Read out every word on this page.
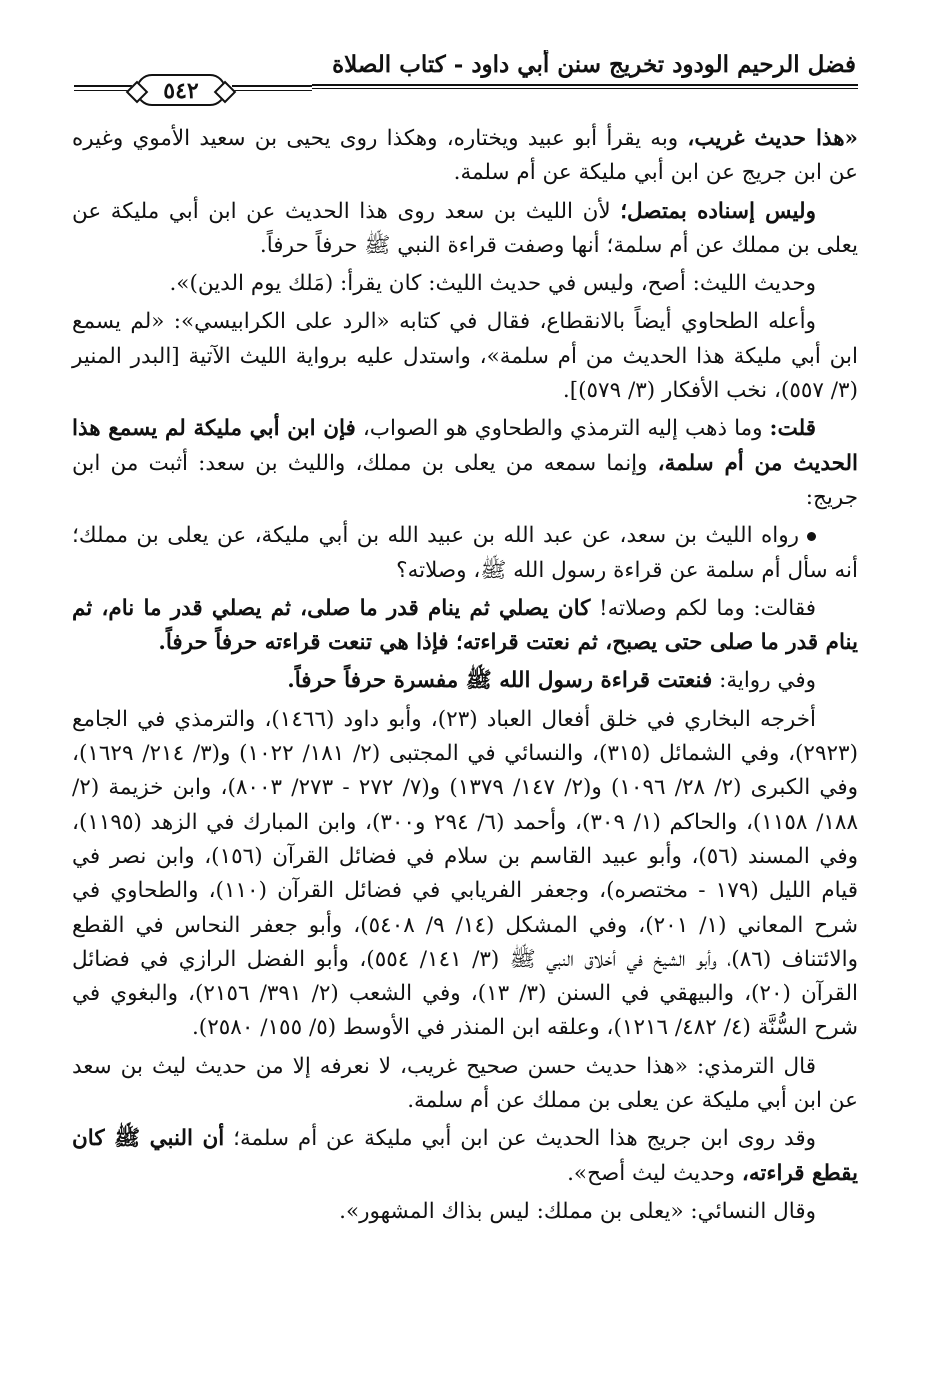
فضل الرحيم الودود تخريج سنن أبي داود - كتاب الصلاة
٥٤٢

«هذا حديث غريب، وبه يقرأ أبو عبيد ويختاره، وهكذا روى يحيى بن سعيد الأموي وغيره عن ابن جريج عن ابن أبي مليكة عن أم سلمة.

وليس إسناده بمتصل؛ لأن الليث بن سعد روى هذا الحديث عن ابن أبي مليكة عن يعلى بن مملك عن أم سلمة؛ أنها وصفت قراءة النبي ﷺ حرفاً حرفاً.

وحديث الليث: أصح، وليس في حديث الليث: كان يقرأ: (مَلك يوم الدين)».

وأعله الطحاوي أيضاً بالانقطاع، فقال في كتابه «الرد على الكرابيسي»: «لم يسمع ابن أبي مليكة هذا الحديث من أم سلمة»، واستدل عليه برواية الليث الآتية [البدر المنير (٣/ ٥٥٧)، نخب الأفكار (٣/ ٥٧٩)].

قلت: وما ذهب إليه الترمذي والطحاوي هو الصواب، فإن ابن أبي مليكة لم يسمع هذا الحديث من أم سلمة، وإنما سمعه من يعلى بن مملك، والليث بن سعد: أثبت من ابن جريج:

رواه الليث بن سعد، عن عبد الله بن عبيد الله بن أبي مليكة، عن يعلى بن مملك؛ أنه سأل أم سلمة عن قراءة رسول الله ﷺ، وصلاته؟

فقالت: وما لكم وصلاته! كان يصلي ثم ينام قدر ما صلى، ثم يصلي قدر ما نام، ثم ينام قدر ما صلى حتى يصبح، ثم نعتت قراءته؛ فإذا هي تنعت قراءته حرفاً حرفاً.

وفي رواية: فنعتت قراءة رسول الله ﷺ مفسرة حرفاً حرفاً.

أخرجه البخاري في خلق أفعال العباد (٢٣)، وأبو داود (١٤٦٦)، والترمذي في الجامع (٢٩٢٣)، وفي الشمائل (٣١٥)، والنسائي في المجتبى (٢/ ١٨١/ ١٠٢٢) و(٣/ ٢١٤/ ١٦٢٩)، وفي الكبرى (٢/ ٢٨/ ١٠٩٦) و(٢/ ١٤٧/ ١٣٧٩) و(٧/ ٢٧٢ - ٢٧٣/ ٨٠٠٣)، وابن خزيمة (٢/ ١٨٨/ ١١٥٨)، والحاكم (١/ ٣٠٩)، وأحمد (٦/ ٢٩٤ و٣٠٠)، وابن المبارك في الزهد (١١٩٥)، وفي المسند (٥٦)، وأبو عبيد القاسم بن سلام في فضائل القرآن (١٥٦)، وابن نصر في قيام الليل (١٧٩ - مختصره)، وجعفر الفريابي في فضائل القرآن (١١٠)، والطحاوي في شرح المعاني (١/ ٢٠١)، وفي المشكل (١٤/ ٩/ ٥٤٠٨)، وأبو جعفر النحاس في القطع والائتناف (٨٦)، وأبو الشيخ في أخلاق النبي ﷺ (٣/ ١٤١/ ٥٥٤)، وأبو الفضل الرازي في فضائل القرآن (٢٠)، والبيهقي في السنن (٣/ ١٣)، وفي الشعب (٢/ ٣٩١/ ٢١٥٦)، والبغوي في شرح السُّنَّة (٤/ ٤٨٢/ ١٢١٦)، وعلقه ابن المنذر في الأوسط (٥/ ١٥٥/ ٢٥٨٠).

قال الترمذي: «هذا حديث حسن صحيح غريب، لا نعرفه إلا من حديث ليث بن سعد عن ابن أبي مليكة عن يعلى بن مملك عن أم سلمة.

وقد روى ابن جريج هذا الحديث عن ابن أبي مليكة عن أم سلمة؛ أن النبي ﷺ كان يقطع قراءته، وحديث ليث أصح».

وقال النسائي: «يعلى بن مملك: ليس بذاك المشهور».
